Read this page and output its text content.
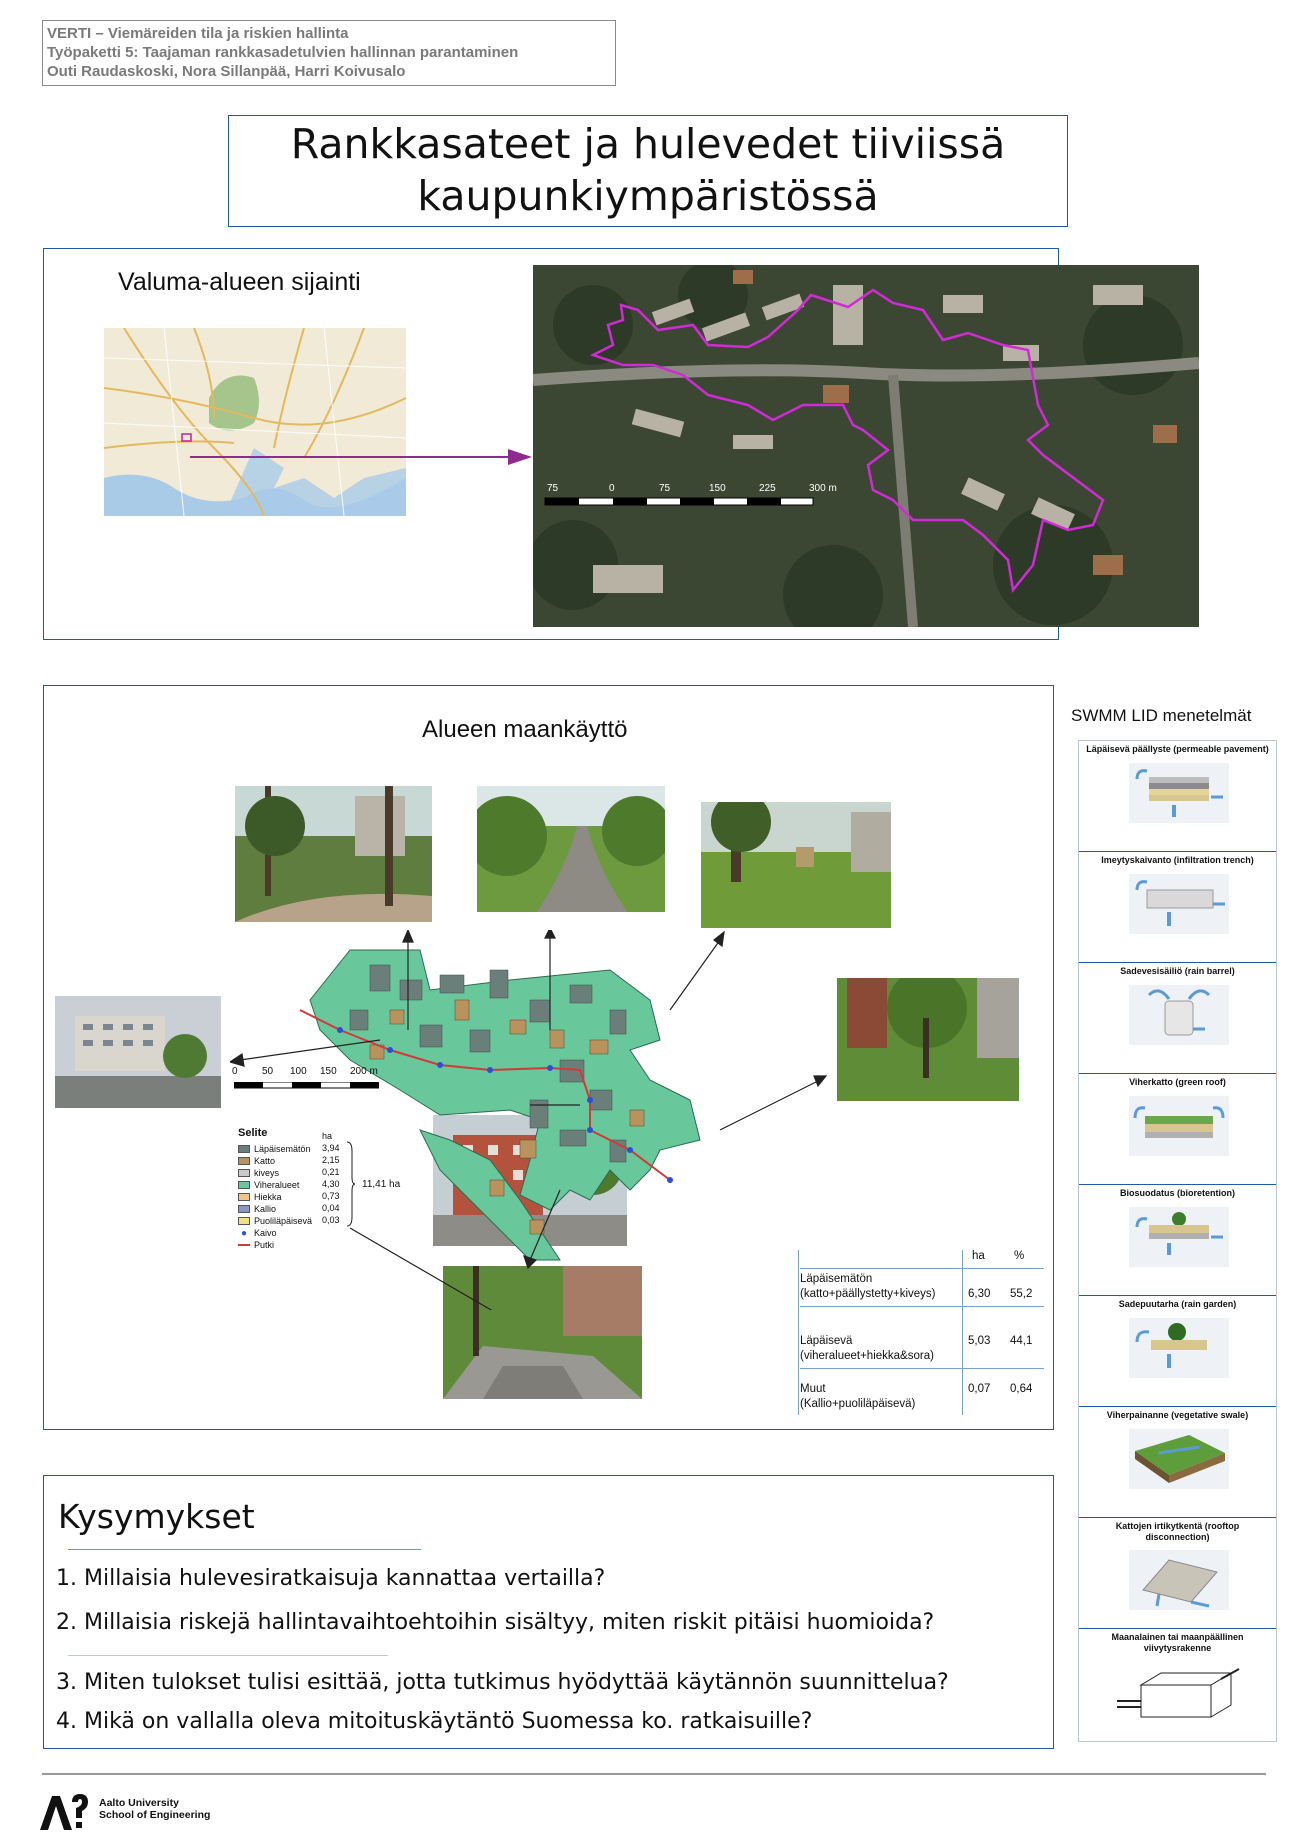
VERTI – Viemäreiden tila ja riskien hallinta
Työpaketti 5: Taajaman rankkasadetulvien hallinnan parantaminen
Outi Raudaskoski, Nora Sillanpää, Harri Koivusalo
Rankkasateet ja hulevedet tiiviissä
kaupunkiympäristössä
Valuma-alueen sijainti
75	0	75	150	225	300 m
Alueen maankäyttö
0 50 100 150 200 m
Selite	ha
Läpäisemätön 3,94
Katto	2,15
kiveys	0,21
Viheralueet	4,30
Hiekka	0,73
Kallio	0,04
Puoliläpäisevä 0,03
● Kaivo
Putki
11,41 ha
ha	%
Läpäisemätön
(katto+päällystetty+kiveys)	6,30 55,2
Läpäisevä
(viheralueet+hiekka&sora)
5,03 44,1
Muut
(Kallio+puoliläpäisevä)
0,07 0,64
SWMM LID menetelmät
Läpäisevä päällyste (permeable pavement)
Imeytyskaivanto (infiltration trench)
Sadevesisäiliö (rain barrel)
Viherkatto (green roof)
Biosuodatus (bioretention)
Sadepuutarha (rain garden)
Viherpainanne (vegetative swale)
Kattojen irtikytkentä (rooftop disconnection)
Maanalainen tai maanpäällinen viivytysrakenne
Kysymykset
1. Millaisia hulevesiratkaisuja kannattaa vertailla?
2. Millaisia riskejä hallintavaihtoehtoihin sisältyy, miten riskit pitäisi huomioida?
3. Miten tulokset tulisi esittää, jotta tutkimus hyödyttää käytännön suunnittelua?
4. Mikä on vallalla oleva mitoituskäytäntö Suomessa ko. ratkaisuille?
Aalto University
School of Engineering
